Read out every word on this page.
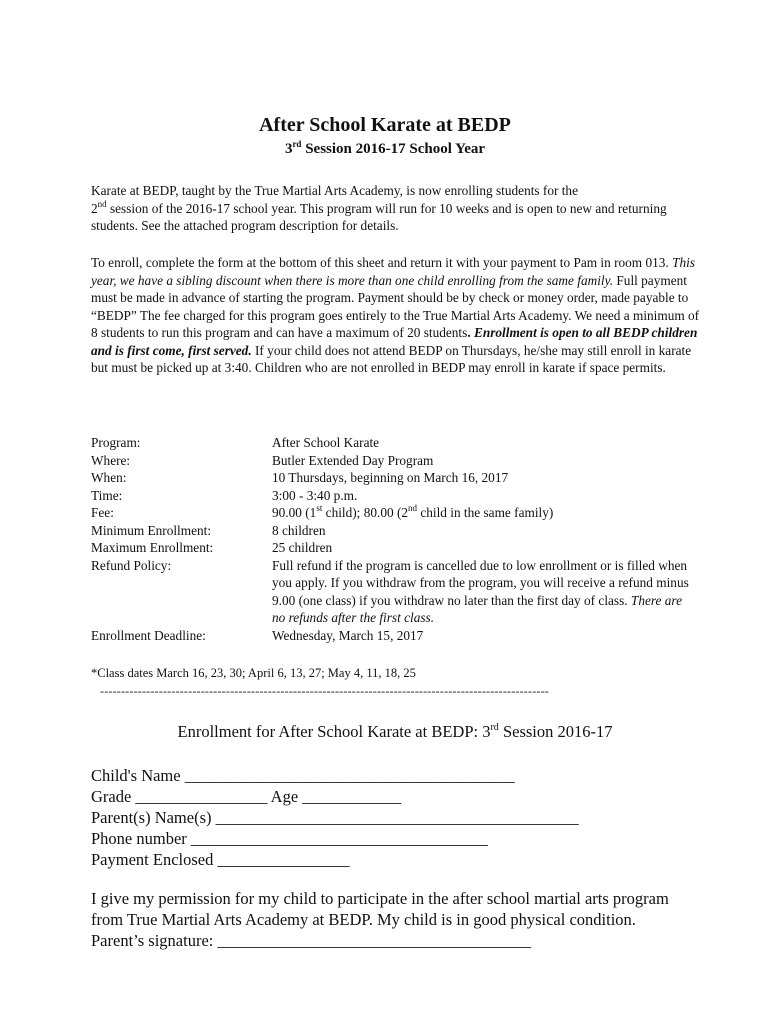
After School Karate at BEDP
3rd Session 2016-17 School Year
Karate at BEDP, taught by the True Martial Arts Academy, is now enrolling students for the
2nd session of the 2016-17 school year. This program will run for 10 weeks and is open to new and returning students. See the attached program description for details.
To enroll, complete the form at the bottom of this sheet and return it with your payment to Pam in room 013. This year, we have a sibling discount when there is more than one child enrolling from the same family. Full payment must be made in advance of starting the program. Payment should be by check or money order, made payable to “BEDP” The fee charged for this program goes entirely to the True Martial Arts Academy. We need a minimum of 8 students to run this program and can have a maximum of 20 students. Enrollment is open to all BEDP children and is first come, first served. If your child does not attend BEDP on Thursdays, he/she may still enroll in karate but must be picked up at 3:40. Children who are not enrolled in BEDP may enroll in karate if space permits.
Program:	After School Karate
Where:	Butler Extended Day Program
When:	10 Thursdays, beginning on March 16, 2017
Time:	3:00 - 3:40 p.m.
Fee:	90.00 (1st child); 80.00 (2nd child in the same family)
Minimum Enrollment:	8 children
Maximum Enrollment:	25 children
Refund Policy:	Full refund if the program is cancelled due to low enrollment or is filled when you apply. If you withdraw from the program, you will receive a refund minus 9.00 (one class) if you withdraw no later than the first day of class. There are no refunds after the first class.
Enrollment Deadline:	Wednesday, March 15, 2017
*Class dates March 16, 23, 30; April 6, 13, 27; May 4, 11, 18, 25
-----------------------------------------------------------------------------------------------------------
Enrollment for After School Karate at BEDP: 3rd Session 2016-17
Child's Name ________________________________________
Grade ________________ Age ____________
Parent(s) Name(s) ____________________________________________
Phone number ____________________________________
Payment Enclosed ________________
I give my permission for my child to participate in the after school martial arts program from True Martial Arts Academy at BEDP. My child is in good physical condition. Parent’s signature: ______________________________________
